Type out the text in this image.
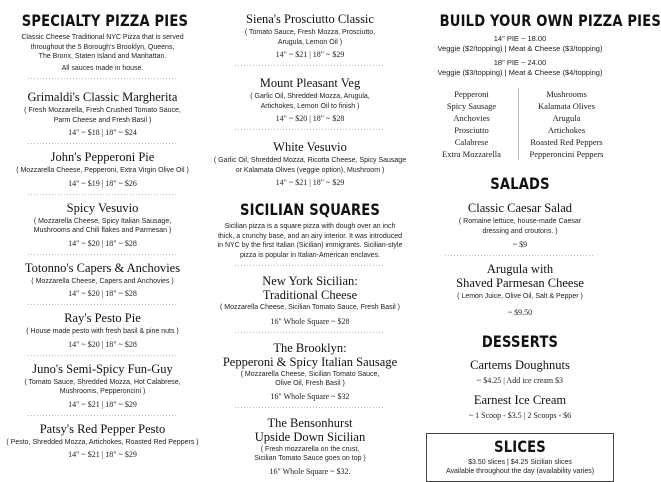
SPECIALTY PIZZA PIES
Classic Cheese Traditional NYC Pizza that is served
throughout the 5 Borough's Brooklyn, Queens,
The Bronx, Staten Island and Manhattan.
All sauces made in house.
Grimaldi's Classic Margherita
( Fresh Mozzarella, Fresh Crushed Tomato Sauce,
Parm Cheese and Fresh Basil )
14" ~ $18 | 18" ~ $24
John's Pepperoni Pie
( Mozzarella Cheese, Pepperoni, Extra Virgin Olive Oil )
14" ~ $19 | 18" ~ $26
Spicy Vesuvio
( Mozzarella Cheese, Spicy Italian Sausage,
Mushrooms and Chili flakes and Parmesan )
14" ~ $20 | 18" ~ $28
Totonno's Capers & Anchovies
( Mozzarella Cheese, Capers and Anchovies )
14" ~ $20 | 18" ~ $28
Ray's Pesto Pie
( House made pesto with fresh basil & pine nuts )
14" ~ $20 | 18" ~ $28
Juno's Semi-Spicy Fun-Guy
( Tomato Sauce, Shredded Mozza, Hot Calabrese,
Mushrooms, Pepperoncini )
14" ~ $21 | 18" ~ $29
Patsy's Red Pepper Pesto
( Pesto, Shredded Mozza, Artichokes, Roasted Red Peppers )
14" ~ $21 | 18" ~ $29
Siena's Prosciutto Classic
( Tomato Sauce, Fresh Mozza, Prosciutto,
Arugula, Lemon Oil )
14" ~ $21 | 18" ~ $29
Mount Pleasant Veg
( Garlic Oil, Shredded Mozza, Arugula,
Artichokes, Lemon Oil to finish )
14" ~ $20 | 18" ~ $28
White Vesuvio
( Garlic Oil, Shredded Mozza, Ricotta Cheese, Spicy Sausage
or Kalamata Olives (veggie option), Mushroom )
14" ~ $21 | 18" ~ $29
SICILIAN SQUARES
Sicilian pizza is a square pizza with dough over an inch
thick, a crunchy base, and an airy interior. It was introduced
in NYC by the first Italian (Sicilian) immigrants. Sicilian-style
pizza is popular in Italian-American enclaves.
New York Sicilian:
Traditional Cheese
( Mozzarella Cheese, Sicilian Tomato Sauce, Fresh Basil )
16" Whole Square ~ $28
The Brooklyn:
Pepperoni & Spicy Italian Sausage
( Mozzarella Cheese, Sicilian Tomato Sauce,
Olive Oil, Fresh Basil )
16" Whole Square ~ $32
The Bensonhurst
Upside Down Sicilian
( Fresh mozzarella on the crust,
Sicilian Tomato Sauce goes on top )
16" Whole Square ~ $32.
BUILD YOUR OWN PIZZA PIES
14" PIE ~ 18.00
Veggie ($2/topping) | Meat & Cheese ($3/topping)
18" PIE ~ 24.00
Veggie ($3/topping) | Meat & Cheese ($4/topping)
Pepperoni
Spicy Sausage
Anchovies
Prosciutto
Calabrese
Extra Mozzarella
Mushrooms
Kalamata Olives
Arugula
Artichokes
Roasted Red Peppers
Pepperoncini Peppers
SALADS
Classic Caesar Salad
( Romaine lettuce, house-made Caesar
dressing and croutons. )
~ $9
Arugula with
Shaved Parmesan Cheese
( Lemon Juice, Olive Oil, Salt & Pepper )
~ $9.50
DESSERTS
Cartems Doughnuts
~ $4.25 | Add ice cream $3
Earnest Ice Cream
~ 1 Scoop - $3.5 | 2 Scoops - $6
SLICES
$3.50 slices | $4.25 Sicilian slices
Available throughout the day (availability varies)
